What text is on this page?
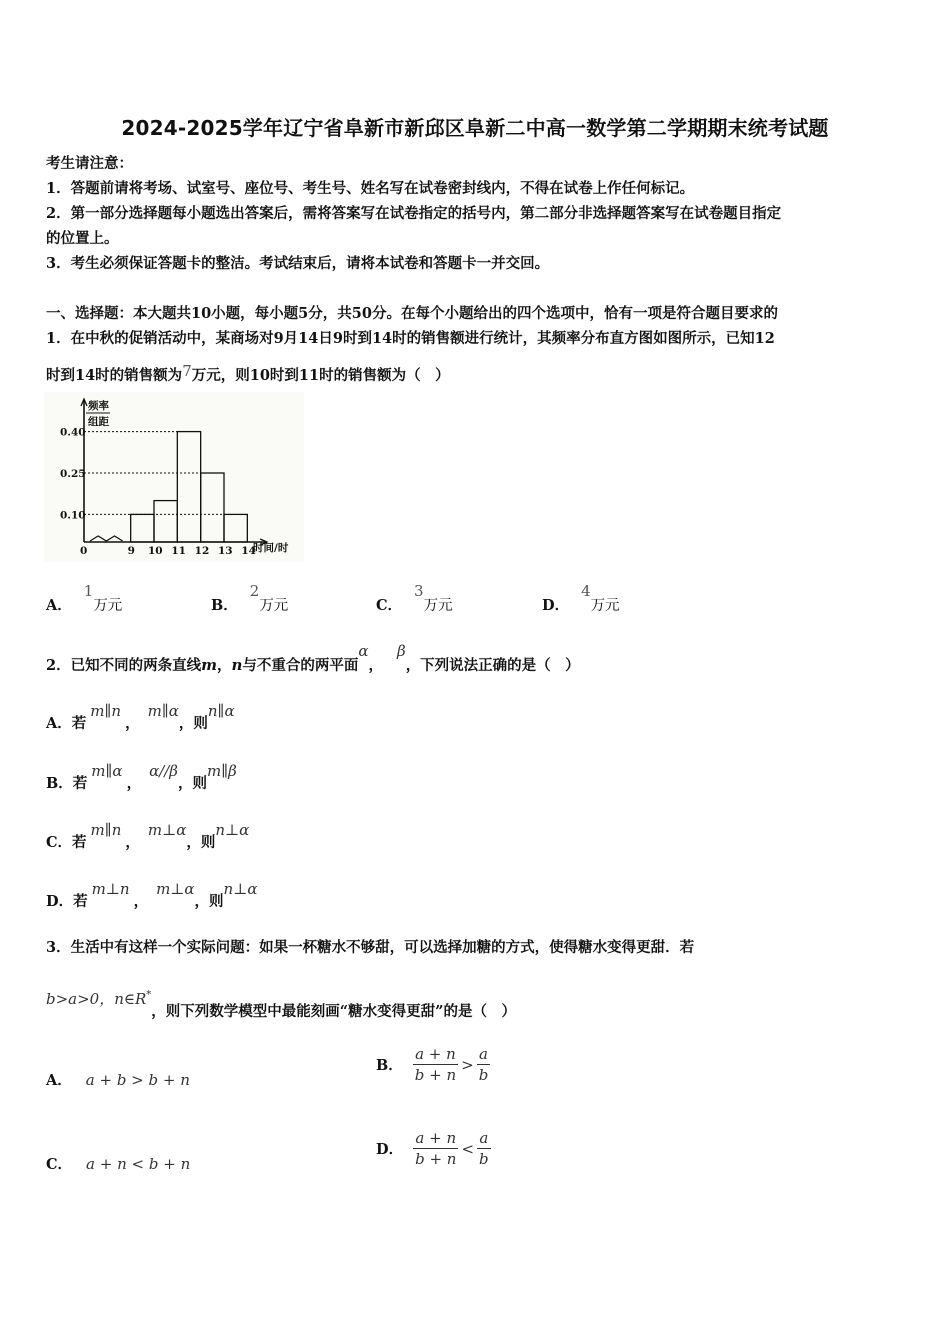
2024-2025学年辽宁省阜新市新邱区阜新二中高一数学第二学期期末统考试题
考生请注意：
1．答题前请将考场、试室号、座位号、考生号、姓名写在试卷密封线内，不得在试卷上作任何标记。
2．第一部分选择题每小题选出答案后，需将答案写在试卷指定的括号内，第二部分非选择题答案写在试卷题目指定
的位置上。
3．考生必须保证答题卡的整洁。考试结束后，请将本试卷和答题卡一并交回。
一、选择题：本大题共10小题，每小题5分，共50分。在每个小题给出的四个选项中，恰有一项是符合题目要求的
1．在中秋的促销活动中，某商场对9月14日9时到14时的销售额进行统计，其频率分布直方图如图所示，已知12
时到14时的销售额为7万元，则10时到11时的销售额为（　）
0.40
0.25
0.10
9 10 11 12 13 14
频率
组距
时间/时
0
A．1万元	B．2万元	C．3万元	D．4万元
2．已知不同的两条直线m，n与不重合的两平面α，β，下列说法正确的是（　）
A．若m∥n，m∥α，则n∥α
B．若m∥α，α//β，则m∥β
C．若m∥n，m⊥α，则n⊥α
D．若m⊥n，m⊥α，则n⊥α
3．生活中有这样一个实际问题：如果一杯糖水不够甜，可以选择加糖的方式，使得糖水变得更甜．若
b>a>0，n∈R*，则下列数学模型中最能刻画“糖水变得更甜”的是（　）
A． a + b > b + n
B． $\frac{a + n}{b + n} > \frac{a}{b}$
C． a + n < b + n
D． $\frac{a + n}{b + n} < \frac{a}{b}$
